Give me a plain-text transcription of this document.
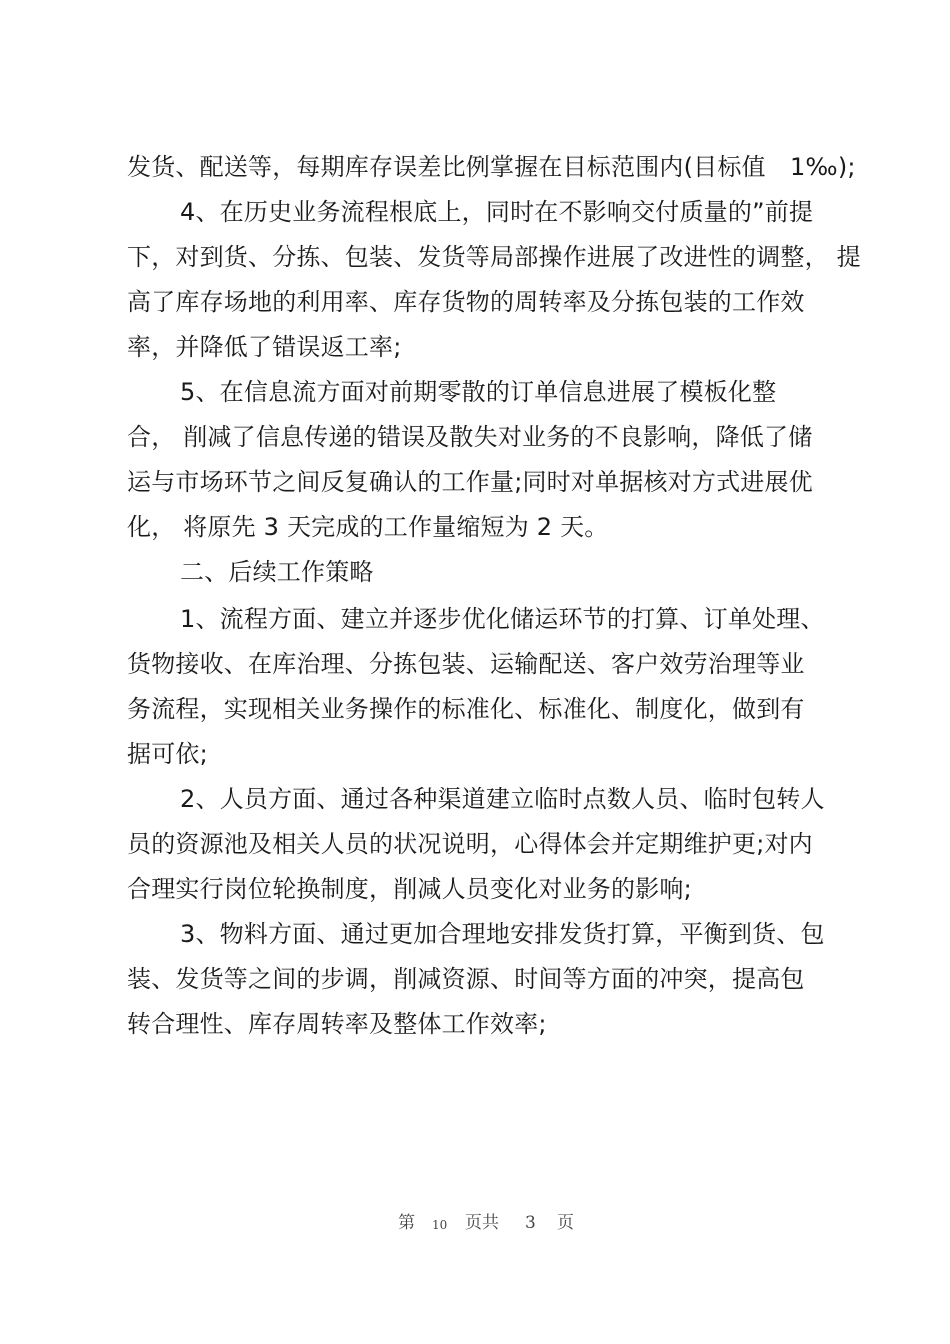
发货、配送等，每期库存误差比例掌握在目标范围内(目标值　1‰);
4、在历史业务流程根底上，同时在不影响交付质量的”前提
下，对到货、分拣、包装、发货等局部操作进展了改进性的调整， 提
高了库存场地的利用率、库存货物的周转率及分拣包装的工作效
率，并降低了错误返工率;
5、在信息流方面对前期零散的订单信息进展了模板化整
合， 削减了信息传递的错误及散失对业务的不良影响，降低了储
运与市场环节之间反复确认的工作量;同时对单据核对方式进展优
化， 将原先 3 天完成的工作量缩短为 2 天。
二、后续工作策略
1、流程方面、建立并逐步优化储运环节的打算、订单处理、
货物接收、在库治理、分拣包装、运输配送、客户效劳治理等业
务流程，实现相关业务操作的标准化、标准化、制度化，做到有
据可依;
2、人员方面、通过各种渠道建立临时点数人员、临时包转人
员的资源池及相关人员的状况说明，心得体会并定期维护更;对内
合理实行岗位轮换制度，削减人员变化对业务的影响;
3、物料方面、通过更加合理地安排发货打算，平衡到货、包
装、发货等之间的步调，削减资源、时间等方面的冲突，提高包
转合理性、库存周转率及整体工作效率;
第 10 页共 3 页
